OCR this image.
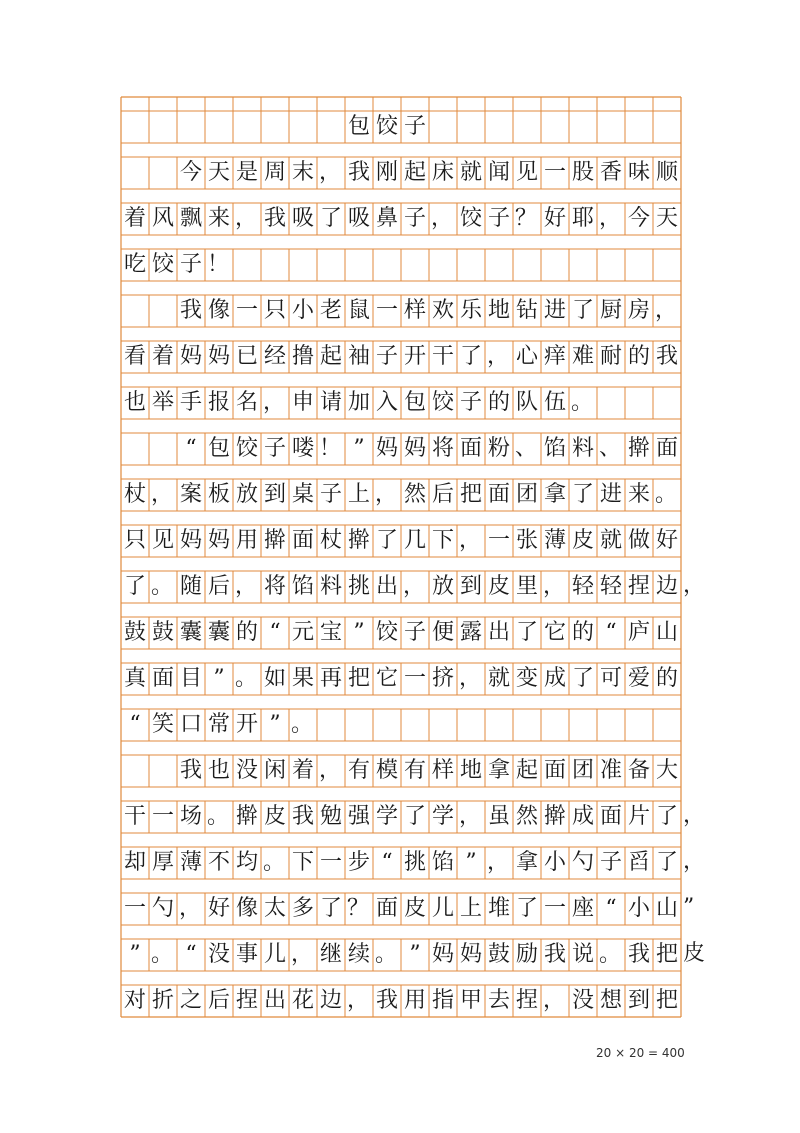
包 饺 子
今 天 是 周 末 ， 我 刚 起 床 就 闻 见 一 股 香 味 顺
着 风 飘 来 ， 我 吸 了 吸 鼻 子 ， 饺 子 ？ 好 耶 ， 今 天
吃 饺 子 ！
我 像 一 只 小 老 鼠 一 样 欢 乐 地 钻 进 了 厨 房 ，
看 着 妈 妈 已 经 撸 起 袖 子 开 干 了 ， 心 痒 难 耐 的 我
也 举 手 报 名 ， 申 请 加 入 包 饺 子 的 队 伍 。
“ 包 饺 子 喽 ！ ” 妈 妈 将 面 粉 、 馅 料 、 擀 面
杖 ， 案 板 放 到 桌 子 上 ， 然 后 把 面 团 拿 了 进 来 。
只 见 妈 妈 用 擀 面 杖 擀 了 几 下 ， 一 张 薄 皮 就 做 好
了 。 随 后 ， 将 馅 料 挑 出 ， 放 到 皮 里 ， 轻 轻 捏 边 ，
鼓 鼓 囊 囊 的 “ 元 宝 ” 饺 子 便 露 出 了 它 的 “ 庐 山
真 面 目 ” 。 如 果 再 把 它 一 挤 ， 就 变 成 了 可 爱 的
“ 笑 口 常 开 ” 。
我 也 没 闲 着 ， 有 模 有 样 地 拿 起 面 团 准 备 大
干 一 场 。 擀 皮 我 勉 强 学 了 学 ， 虽 然 擀 成 面 片 了 ，
却 厚 薄 不 均 。 下 一 步 “ 挑 馅 ” ， 拿 小 勺 子 舀 了 ，
一 勺 ， 好 像 太 多 了 ？ 面 皮 儿 上 堆 了 一 座 “ 小 山 ”
” 。 “ 没 事 儿 ， 继 续 。 ” 妈 妈 鼓 励 我 说 。 我 把 皮
对 折 之 后 捏 出 花 边 ， 我 用 指 甲 去 捏 ， 没 想 到 把
20 × 20 = 400
